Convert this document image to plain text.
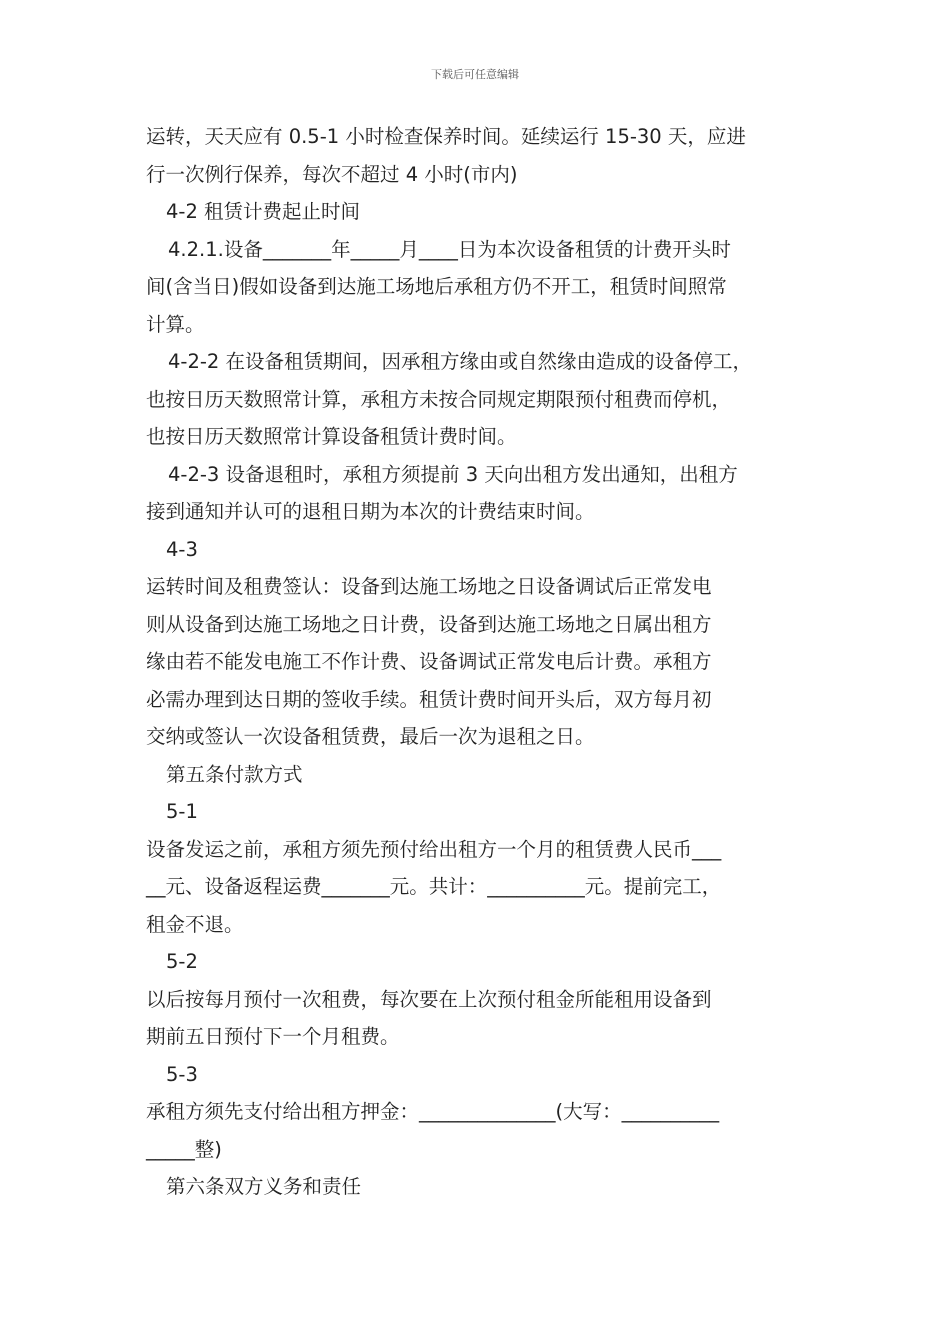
下载后可任意编辑
运转，天天应有 0.5-1 小时检查保养时间。延续运行 15-30 天，应进
行一次例行保养，每次不超过 4 小时(市内)
4-2 租赁计费起止时间
4.2.1.设备_______年_____月____日为本次设备租赁的计费开头时
间(含当日)假如设备到达施工场地后承租方仍不开工，租赁时间照常
计算。
4-2-2 在设备租赁期间，因承租方缘由或自然缘由造成的设备停工，
也按日历天数照常计算，承租方未按合同规定期限预付租费而停机，
也按日历天数照常计算设备租赁计费时间。
4-2-3 设备退租时，承租方须提前 3 天向出租方发出通知，出租方
接到通知并认可的退租日期为本次的计费结束时间。
4-3
运转时间及租费签认：设备到达施工场地之日设备调试后正常发电
则从设备到达施工场地之日计费，设备到达施工场地之日属出租方
缘由若不能发电施工不作计费、设备调试正常发电后计费。承租方
必需办理到达日期的签收手续。租赁计费时间开头后，双方每月初
交纳或签认一次设备租赁费，最后一次为退租之日。
第五条付款方式
5-1
设备发运之前，承租方须先预付给出租方一个月的租赁费人民币___
__元、设备返程运费_______元。共计：__________元。提前完工，
租金不退。
5-2
以后按每月预付一次租费，每次要在上次预付租金所能租用设备到
期前五日预付下一个月租费。
5-3
承租方须先支付给出租方押金：______________(大写：__________
_____整)
第六条双方义务和责任
